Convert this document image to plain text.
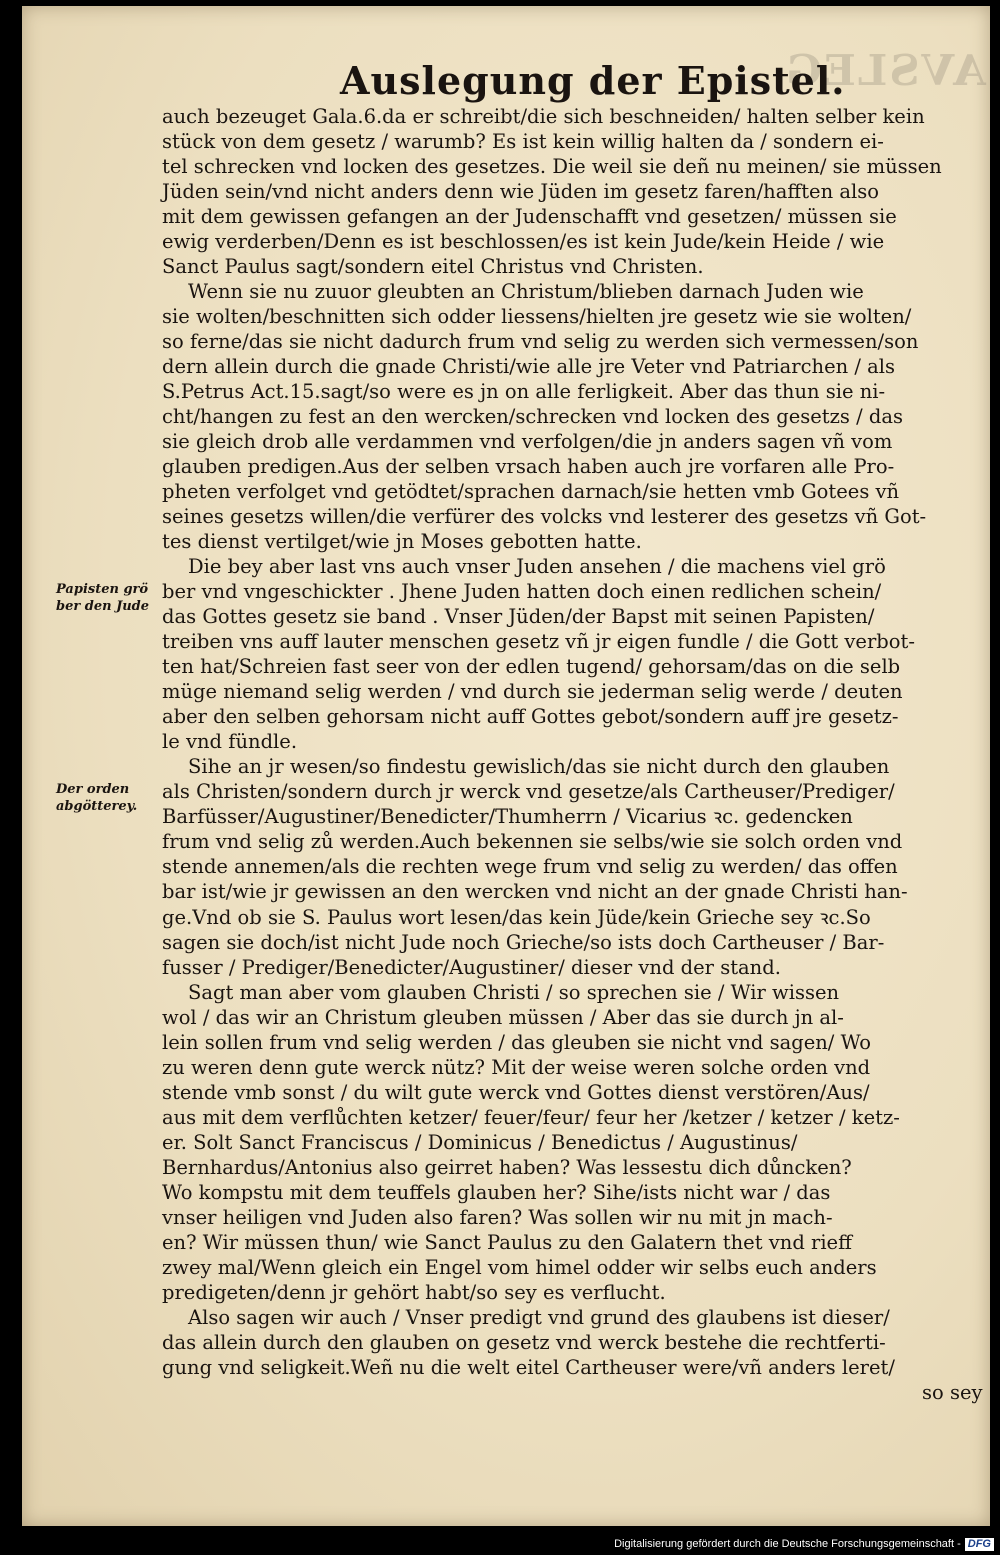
AVSLEG
Auslegung der Epistel.
Papisten grö ber den Jude
Der orden abgötterey.
auch bezeuget Gala.6.da er schreibt/die sich beschneiden/ halten selber kein
stück von dem gesetz / warumb? Es ist kein willig halten da / sondern ei-
tel schrecken vnd locken des gesetzes. Die weil sie deñ nu meinen/ sie müssen
Jüden sein/vnd nicht anders denn wie Jüden im gesetz faren/hafften also
mit dem gewissen gefangen an der Judenschafft vnd gesetzen/ müssen sie
ewig verderben/Denn es ist beschlossen/es ist kein Jude/kein Heide / wie
Sanct Paulus sagt/sondern eitel Christus vnd Christen.
Wenn sie nu zuuor gleubten an Christum/blieben darnach Juden wie
sie wolten/beschnitten sich odder liessens/hielten jre gesetz wie sie wolten/
so ferne/das sie nicht dadurch frum vnd selig zu werden sich vermessen/son
dern allein durch die gnade Christi/wie alle jre Veter vnd Patriarchen / als
S.Petrus Act.15.sagt/so were es jn on alle ferligkeit. Aber das thun sie ni-
cht/hangen zu fest an den wercken/schrecken vnd locken des gesetzs / das
sie gleich drob alle verdammen vnd verfolgen/die jn anders sagen vñ vom
glauben predigen.Aus der selben vrsach haben auch jre vorfaren alle Pro-
pheten verfolget vnd getödtet/sprachen darnach/sie hetten vmb Gotees vñ
seines gesetzs willen/die verfürer des volcks vnd lesterer des gesetzs vñ Got-
tes dienst vertilget/wie jn Moses gebotten hatte.
Die bey aber last vns auch vnser Juden ansehen / die machens viel grö
ber vnd vngeschickter . Jhene Juden hatten doch einen redlichen schein/
das Gottes gesetz sie band . Vnser Jüden/der Bapst mit seinen Papisten/
treiben vns auff lauter menschen gesetz vñ jr eigen fundle / die Gott verbot-
ten hat/Schreien fast seer von der edlen tugend/ gehorsam/das on die selb
müge niemand selig werden / vnd durch sie jederman selig werde / deuten
aber den selben gehorsam nicht auff Gottes gebot/sondern auff jre gesetz-
le vnd fündle.
Sihe an jr wesen/so findestu gewislich/das sie nicht durch den glauben
als Christen/sondern durch jr werck vnd gesetze/als Cartheuser/Prediger/
Barfüsser/Augustiner/Benedicter/Thumherrn / Vicarius ꝛc. gedencken
frum vnd selig zů werden.Auch bekennen sie selbs/wie sie solch orden vnd
stende annemen/als die rechten wege frum vnd selig zu werden/ das offen
bar ist/wie jr gewissen an den wercken vnd nicht an der gnade Christi han-
ge.Vnd ob sie S. Paulus wort lesen/das kein Jüde/kein Grieche sey ꝛc.So
sagen sie doch/ist nicht Jude noch Grieche/so ists doch Cartheuser / Bar-
fusser / Prediger/Benedicter/Augustiner/ dieser vnd der stand.
Sagt man aber vom glauben Christi / so sprechen sie / Wir wissen
wol / das wir an Christum gleuben müssen / Aber das sie durch jn al-
lein sollen frum vnd selig werden / das gleuben sie nicht vnd sagen/ Wo
zu weren denn gute werck nütz? Mit der weise weren solche orden vnd
stende vmb sonst / du wilt gute werck vnd Gottes dienst verstören/Aus/
aus mit dem verflůchten ketzer/ feuer/feur/ feur her /ketzer / ketzer / ketz-
er. Solt Sanct Franciscus / Dominicus / Benedictus / Augustinus/
Bernhardus/Antonius also geirret haben? Was lessestu dich důncken?
Wo kompstu mit dem teuffels glauben her? Sihe/ists nicht war / das
vnser heiligen vnd Juden also faren? Was sollen wir nu mit jn mach-
en? Wir müssen thun/ wie Sanct Paulus zu den Galatern thet vnd rieff
zwey mal/Wenn gleich ein Engel vom himel odder wir selbs euch anders
predigeten/denn jr gehört habt/so sey es verflucht.
Also sagen wir auch / Vnser predigt vnd grund des glaubens ist dieser/
das allein durch den glauben on gesetz vnd werck bestehe die rechtferti-
gung vnd seligkeit.Weñ nu die welt eitel Cartheuser were/vñ anders leret/
so sey
Digitalisierung gefördert durch die Deutsche Forschungsgemeinschaft - DFG
